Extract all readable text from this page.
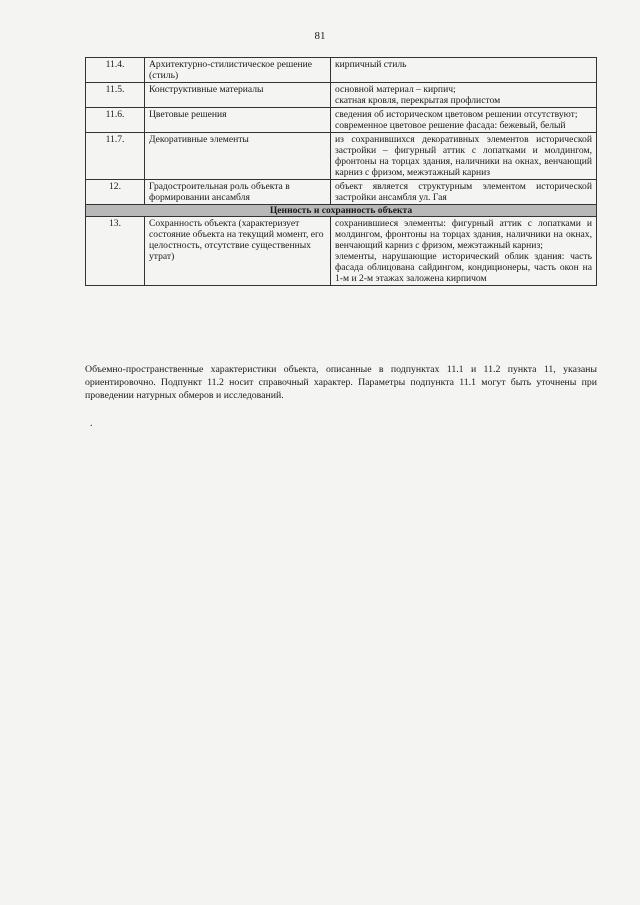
81
11.4.	Архитектурно-стилистическое решение (стиль)	кирпичный стиль

11.5.	Конструктивные материалы	основной материал – кирпич;
скатная кровля, перекрытая профлистом

11.6.	Цветовые решения	сведения об историческом цветовом решении отсутствуют;
современное цветовое решение фасада: бежевый, белый

11.7.	Декоративные элементы	из сохранившихся декоративных элементов исторической застройки – фигурный аттик с лопатками и молдингом, фронтоны на торцах здания, наличники на окнах, венчающий карниз с фризом, межэтажный карниз

12.	Градостроительная роль объекта в формировании ансамбля	объект является структурным элементом исторической застройки ансамбля ул. Гая

Ценность и сохранность объекта		
13.	Сохранность объекта (характеризует состояние объекта на текущий момент, его целостность, отсутствие существенных утрат)	сохранившиеся элементы: фигурный аттик с лопатками и молдингом, фронтоны на торцах здания, наличники на окнах, венчающий карниз с фризом, межэтажный карниз;
элементы, нарушающие исторический облик здания: часть фасада облицована сайдингом, кондиционеры, часть окон на 1-м и 2-м этажах заложена кирпичом

Объемно-пространственные характеристики объекта, описанные в подпунктах 11.1 и 11.2 пункта 11, указаны ориентировочно. Подпункт 11.2 носит справочный характер. Параметры подпункта 11.1 могут быть уточнены при проведении натурных обмеров и исследований.

.
